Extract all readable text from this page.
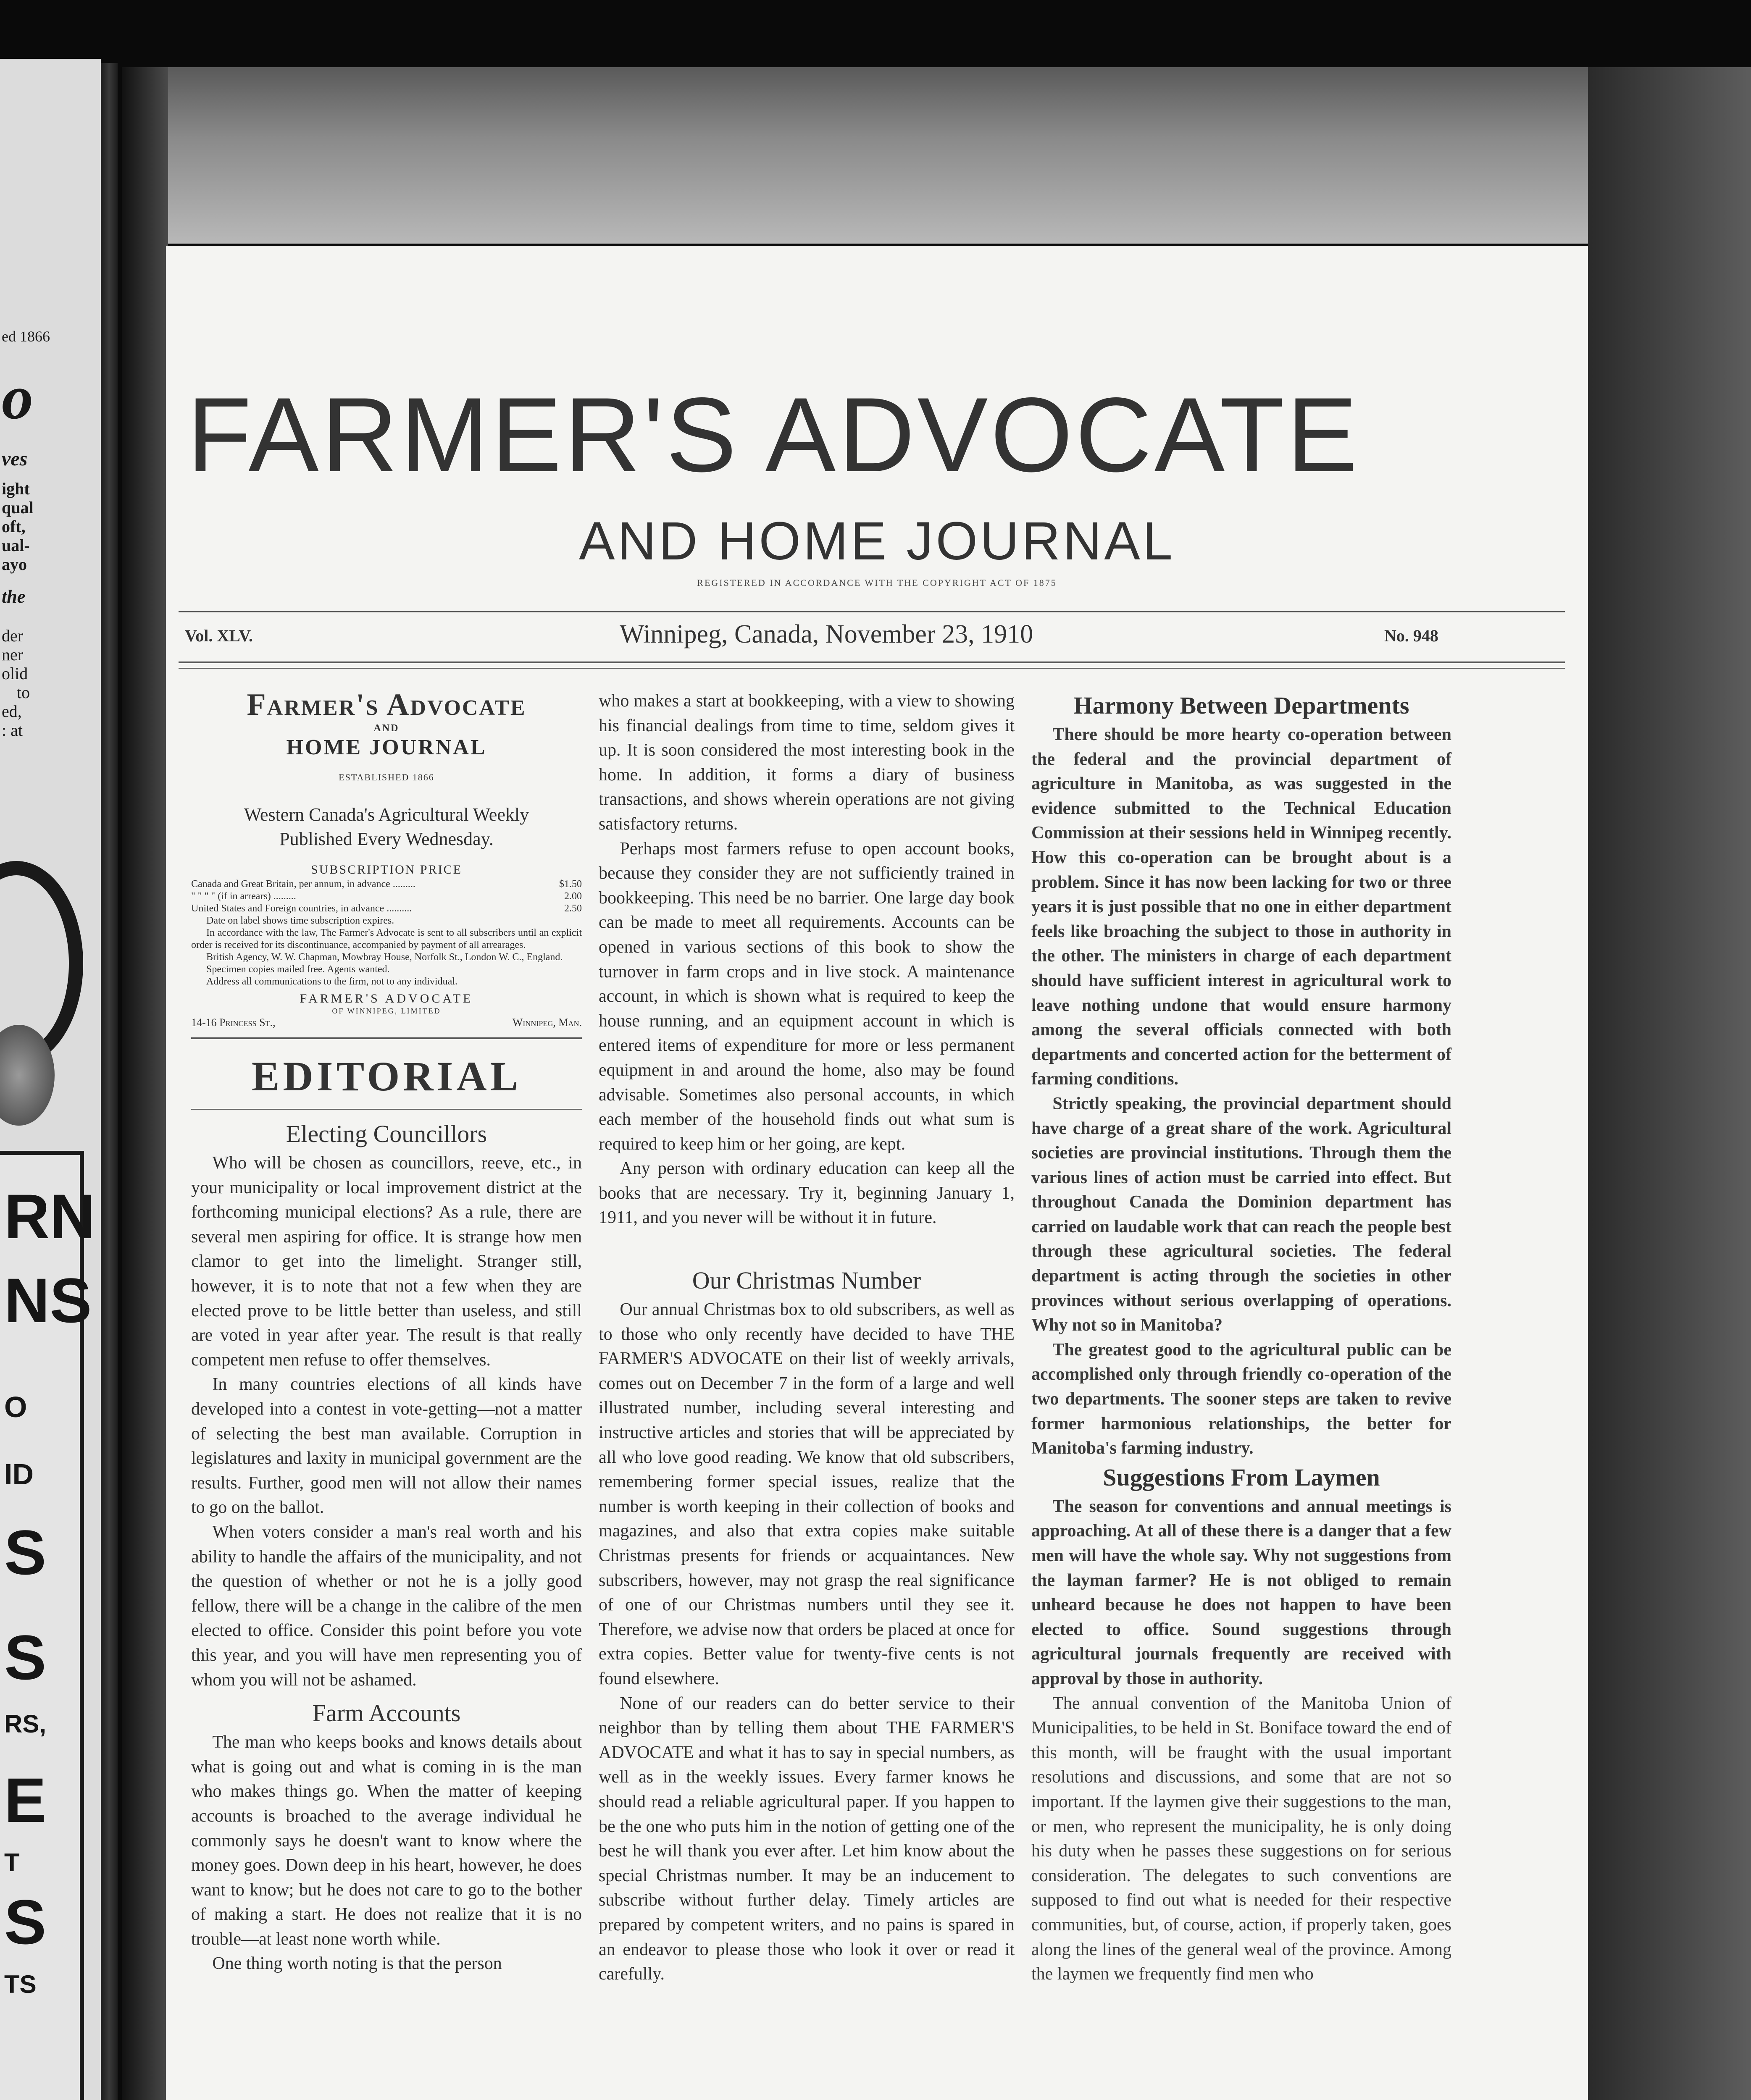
ed 1866
o
ves
ight
qual
oft,
ual-
ayo
the
der
ner
olid
to
ed,
: at
RN
NS
O
ID
S
S
RS,
E
T
S
TS
FARMER'S ADVOCATE
AND HOME JOURNAL
REGISTERED IN ACCORDANCE WITH THE COPYRIGHT ACT OF 1875
Vol. XLV.	Winnipeg, Canada, November 23, 1910	No. 948
Farmer's Advocate
AND
HOME JOURNAL
ESTABLISHED 1866
Western Canada's Agricultural Weekly
Published Every Wednesday.
SUBSCRIPTION PRICE
Canada and Great Britain, per annum, in advance .........	$1.50
" " " " (if in arrears) .........	2.00
United States and Foreign countries, in advance ..........	2.50
Date on label shows time subscription expires.
In accordance with the law, The Farmer's Advocate is sent to all subscribers until an explicit order is received for its discontinuance, accompanied by payment of all arrearages.
British Agency, W. W. Chapman, Mowbray House, Norfolk St., London W. C., England.
Specimen copies mailed free. Agents wanted.
Address all communications to the firm, not to any individual.
FARMER'S ADVOCATE
OF WINNIPEG, LIMITED
14-16 Princess St.,	Winnipeg, Man.
EDITORIAL
Electing Councillors

Who will be chosen as councillors, reeve, etc., in your municipality or local improvement district at the forthcoming municipal elections? As a rule, there are several men aspiring for office. It is strange how men clamor to get into the limelight. Stranger still, however, it is to note that not a few when they are elected prove to be little better than useless, and still are voted in year after year. The result is that really competent men refuse to offer themselves.

In many countries elections of all kinds have developed into a contest in vote-getting—not a matter of selecting the best man available. Corruption in legislatures and laxity in municipal government are the results. Further, good men will not allow their names to go on the ballot.

When voters consider a man's real worth and his ability to handle the affairs of the municipality, and not the question of whether or not he is a jolly good fellow, there will be a change in the calibre of the men elected to office. Consider this point before you vote this year, and you will have men representing you of whom you will not be ashamed.

Farm Accounts

The man who keeps books and knows details about what is going out and what is coming in is the man who makes things go. When the matter of keeping accounts is broached to the average individual he commonly says he doesn't want to know where the money goes. Down deep in his heart, however, he does want to know; but he does not care to go to the bother of making a start. He does not realize that it is no trouble—at least none worth while.

One thing worth noting is that the person

who makes a start at bookkeeping, with a view to showing his financial dealings from time to time, seldom gives it up. It is soon considered the most interesting book in the home. In addition, it forms a diary of business transactions, and shows wherein operations are not giving satisfactory returns.

Perhaps most farmers refuse to open account books, because they consider they are not sufficiently trained in bookkeeping. This need be no barrier. One large day book can be made to meet all requirements. Accounts can be opened in various sections of this book to show the turnover in farm crops and in live stock. A maintenance account, in which is shown what is required to keep the house running, and an equipment account in which is entered items of expenditure for more or less permanent equipment in and around the home, also may be found advisable. Sometimes also personal accounts, in which each member of the household finds out what sum is required to keep him or her going, are kept.

Any person with ordinary education can keep all the books that are necessary. Try it, beginning January 1, 1911, and you never will be without it in future.

Our Christmas Number

Our annual Christmas box to old subscribers, as well as to those who only recently have decided to have THE FARMER'S ADVOCATE on their list of weekly arrivals, comes out on December 7 in the form of a large and well illustrated number, including several interesting and instructive articles and stories that will be appreciated by all who love good reading. We know that old subscribers, remembering former special issues, realize that the number is worth keeping in their collection of books and magazines, and also that extra copies make suitable Christmas presents for friends or acquaintances. New subscribers, however, may not grasp the real significance of one of our Christmas numbers until they see it. Therefore, we advise now that orders be placed at once for extra copies. Better value for twenty-five cents is not found elsewhere.

None of our readers can do better service to their neighbor than by telling them about THE FARMER'S ADVOCATE and what it has to say in special numbers, as well as in the weekly issues. Every farmer knows he should read a reliable agricultural paper. If you happen to be the one who puts him in the notion of getting one of the best he will thank you ever after. Let him know about the special Christmas number. It may be an inducement to subscribe without further delay. Timely articles are prepared by competent writers, and no pains is spared in an endeavor to please those who look it over or read it carefully.

Harmony Between Departments

There should be more hearty co-operation between the federal and the provincial department of agriculture in Manitoba, as was suggested in the evidence submitted to the Technical Education Commission at their sessions held in Winnipeg recently. How this co-operation can be brought about is a problem. Since it has now been lacking for two or three years it is just possible that no one in either department feels like broaching the subject to those in authority in the other. The ministers in charge of each department should have sufficient interest in agricultural work to leave nothing undone that would ensure harmony among the several officials connected with both departments and concerted action for the betterment of farming conditions.

Strictly speaking, the provincial department should have charge of a great share of the work. Agricultural societies are provincial institutions. Through them the various lines of action must be carried into effect. But throughout Canada the Dominion department has carried on laudable work that can reach the people best through these agricultural societies. The federal department is acting through the societies in other provinces without serious overlapping of operations. Why not so in Manitoba?

The greatest good to the agricultural public can be accomplished only through friendly co-operation of the two departments. The sooner steps are taken to revive former harmonious relationships, the better for Manitoba's farming industry.

Suggestions From Laymen

The season for conventions and annual meetings is approaching. At all of these there is a danger that a few men will have the whole say. Why not suggestions from the layman farmer? He is not obliged to remain unheard because he does not happen to have been elected to office. Sound suggestions through agricultural journals frequently are received with approval by those in authority.

The annual convention of the Manitoba Union of Municipalities, to be held in St. Boniface toward the end of this month, will be fraught with the usual important resolutions and discussions, and some that are not so important. If the laymen give their suggestions to the man, or men, who represent the municipality, he is only doing his duty when he passes these suggestions on for serious consideration. The delegates to such conventions are supposed to find out what is needed for their respective communities, but, of course, action, if properly taken, goes along the lines of the general weal of the province. Among the laymen we frequently find men who
